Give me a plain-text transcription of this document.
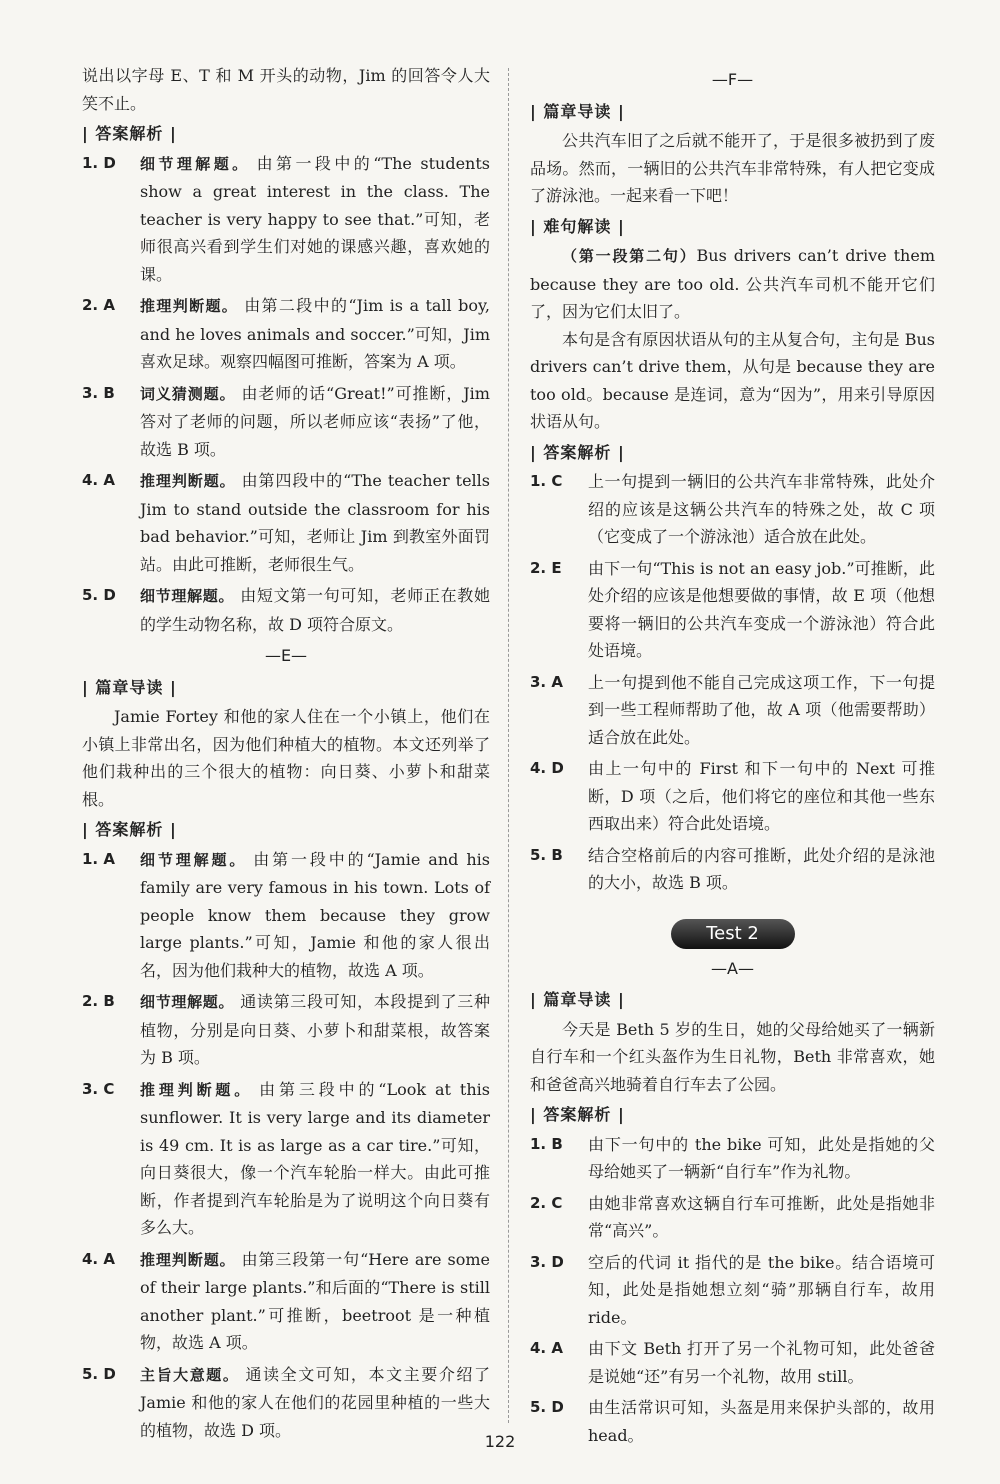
说出以字母 E、T 和 M 开头的动物，Jim 的回答令人大笑不止。

| 答案解析 |
1. D	细节理解题。 由第一段中的“The students show a great interest in the class. The teacher is very happy to see that.”可知，老师很高兴看到学生们对她的课感兴趣，喜欢她的课。
2. A	推理判断题。 由第二段中的“Jim is a tall boy, and he loves animals and soccer.”可知，Jim 喜欢足球。观察四幅图可推断，答案为 A 项。
3. B	词义猜测题。 由老师的话“Great!”可推断，Jim 答对了老师的问题，所以老师应该“表扬”了他，故选 B 项。
4. A	推理判断题。 由第四段中的“The teacher tells Jim to stand outside the classroom for his bad behavior.”可知，老师让 Jim 到教室外面罚站。由此可推断，老师很生气。
5. D	细节理解题。 由短文第一句可知，老师正在教她的学生动物名称，故 D 项符合原文。
—E—
| 篇章导读 |

Jamie Fortey 和他的家人住在一个小镇上，他们在小镇上非常出名，因为他们种植大的植物。本文还列举了他们栽种出的三个很大的植物：向日葵、小萝卜和甜菜根。

| 答案解析 |
1. A	细节理解题。 由第一段中的“Jamie and his family are very famous in his town. Lots of people know them because they grow large plants.”可知，Jamie 和他的家人很出名，因为他们栽种大的植物，故选 A 项。
2. B	细节理解题。 通读第三段可知，本段提到了三种植物，分别是向日葵、小萝卜和甜菜根，故答案为 B 项。
3. C	推理判断题。 由第三段中的“Look at this sunflower. It is very large and its diameter is 49 cm. It is as large as a car tire.”可知，向日葵很大，像一个汽车轮胎一样大。由此可推断，作者提到汽车轮胎是为了说明这个向日葵有多么大。
4. A	推理判断题。 由第三段第一句“Here are some of their large plants.”和后面的“There is still another plant.”可推断，beetroot 是一种植物，故选 A 项。
5. D	主旨大意题。 通读全文可知，本文主要介绍了 Jamie 和他的家人在他们的花园里种植的一些大的植物，故选 D 项。
—F—
| 篇章导读 |

公共汽车旧了之后就不能开了，于是很多被扔到了废品场。然而，一辆旧的公共汽车非常特殊，有人把它变成了游泳池。一起来看一下吧！

| 难句解读 |

（第一段第二句）Bus drivers can’t drive them because they are too old. 公共汽车司机不能开它们了，因为它们太旧了。

本句是含有原因状语从句的主从复合句，主句是 Bus drivers can’t drive them，从句是 because they are too old。because 是连词，意为“因为”，用来引导原因状语从句。

| 答案解析 |
1. C	上一句提到一辆旧的公共汽车非常特殊，此处介绍的应该是这辆公共汽车的特殊之处，故 C 项（它变成了一个游泳池）适合放在此处。
2. E	由下一句“This is not an easy job.”可推断，此处介绍的应该是他想要做的事情，故 E 项（他想要将一辆旧的公共汽车变成一个游泳池）符合此处语境。
3. A	上一句提到他不能自己完成这项工作，下一句提到一些工程师帮助了他，故 A 项（他需要帮助）适合放在此处。
4. D	由上一句中的 First 和下一句中的 Next 可推断，D 项（之后，他们将它的座位和其他一些东西取出来）符合此处语境。
5. B	结合空格前后的内容可推断，此处介绍的是泳池的大小，故选 B 项。
Test 2
—A—
| 篇章导读 |

今天是 Beth 5 岁的生日，她的父母给她买了一辆新自行车和一个红头盔作为生日礼物，Beth 非常喜欢，她和爸爸高兴地骑着自行车去了公园。

| 答案解析 |
1. B	由下一句中的 the bike 可知，此处是指她的父母给她买了一辆新“自行车”作为礼物。
2. C	由她非常喜欢这辆自行车可推断，此处是指她非常“高兴”。
3. D	空后的代词 it 指代的是 the bike。结合语境可知，此处是指她想立刻“骑”那辆自行车，故用 ride。
4. A	由下文 Beth 打开了另一个礼物可知，此处爸爸是说她“还”有另一个礼物，故用 still。
5. D	由生活常识可知，头盔是用来保护头部的，故用 head。
122
